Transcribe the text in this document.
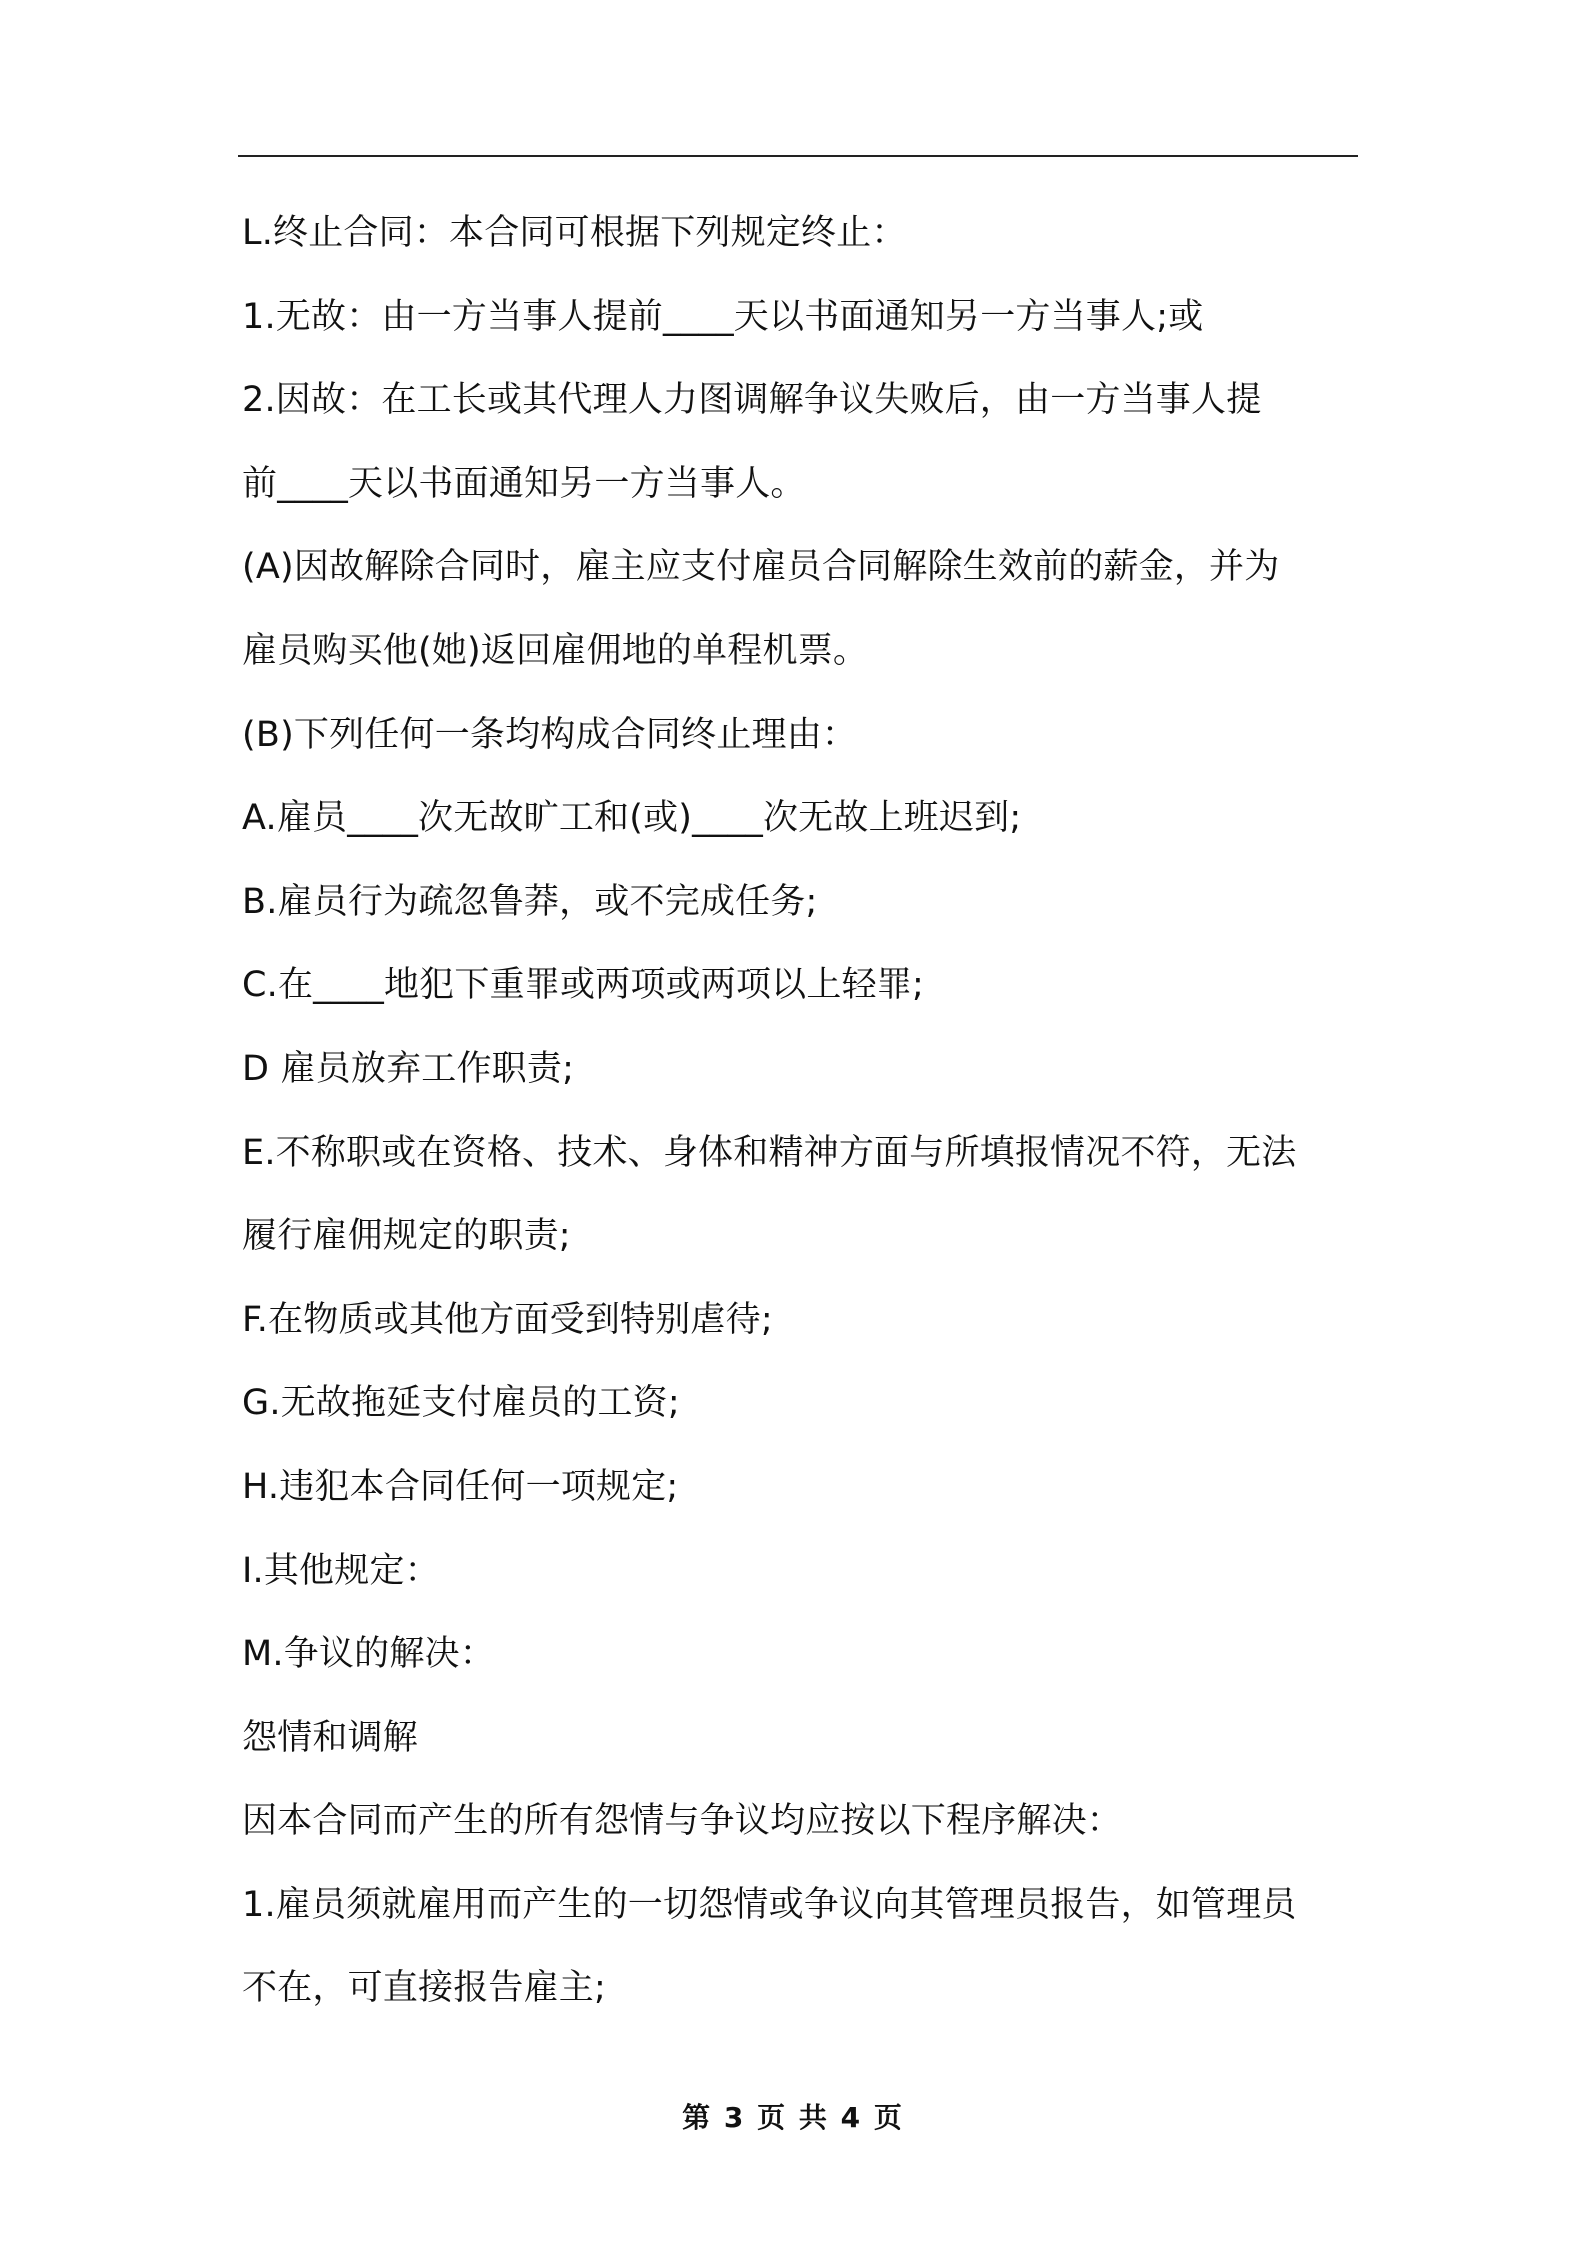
L.终止合同：本合同可根据下列规定终止：
1.无故：由一方当事人提前____天以书面通知另一方当事人;或
2.因故：在工长或其代理人力图调解争议失败后，由一方当事人提
前____天以书面通知另一方当事人。
(A)因故解除合同时，雇主应支付雇员合同解除生效前的薪金，并为
雇员购买他(她)返回雇佣地的单程机票。
(B)下列任何一条均构成合同终止理由：
A.雇员____次无故旷工和(或)____次无故上班迟到;
B.雇员行为疏忽鲁莽，或不完成任务;
C.在____地犯下重罪或两项或两项以上轻罪;
D 雇员放弃工作职责;
E.不称职或在资格、技术、身体和精神方面与所填报情况不符，无法
履行雇佣规定的职责;
F.在物质或其他方面受到特别虐待;
G.无故拖延支付雇员的工资;
H.违犯本合同任何一项规定;
I.其他规定：
M.争议的解决：
怨情和调解
因本合同而产生的所有怨情与争议均应按以下程序解决：
1.雇员须就雇用而产生的一切怨情或争议向其管理员报告，如管理员
不在，可直接报告雇主;
第 3 页 共 4 页
